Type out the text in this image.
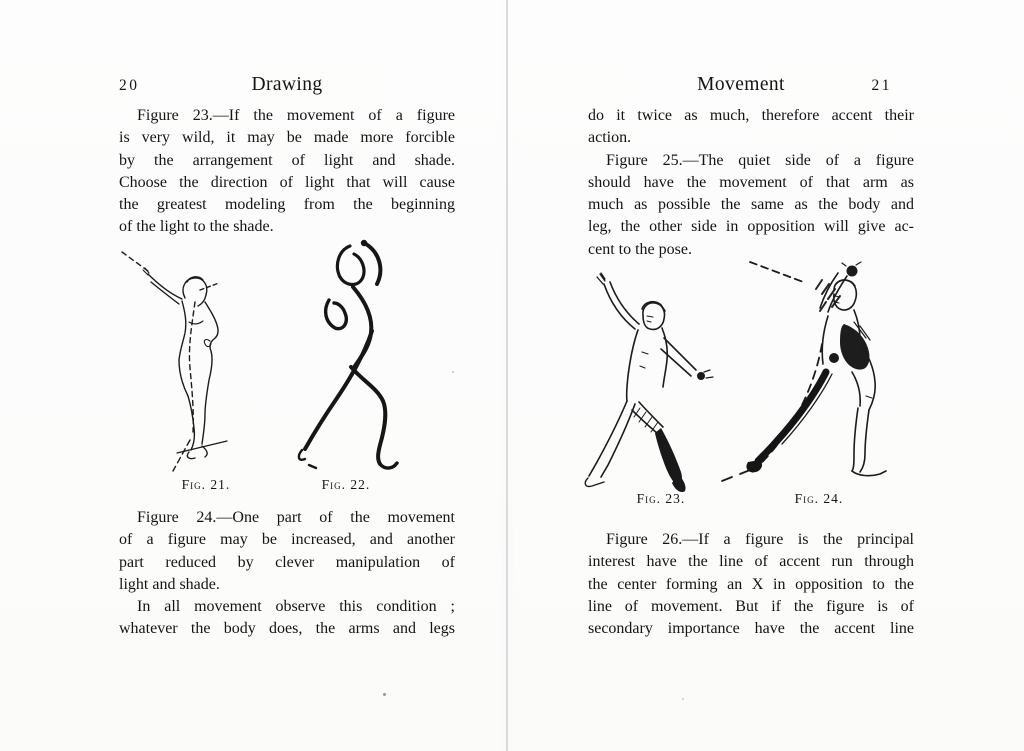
20	Drawing
Figure 23.—If the movement of a figure
is very wild, it may be made more forcible
by the arrangement of light and shade.
Choose the direction of light that will cause
the greatest modeling from the beginning
of the light to the shade.
Fig. 21.	Fig. 22.
Figure 24.—One part of the movement
of a figure may be increased, and another
part reduced by clever manipulation of
light and shade.
In all movement observe this condition ;
whatever the body does, the arms and legs
Movement	21
do it twice as much, therefore accent their
action.
Figure 25.—The quiet side of a figure
should have the movement of that arm as
much as possible the same as the body and
leg, the other side in opposition will give ac-
cent to the pose.
Fig. 23.	Fig. 24.
Figure 26.—If a figure is the principal
interest have the line of accent run through
the center forming an X in opposition to the
line of movement. But if the figure is of
secondary importance have the accent line
